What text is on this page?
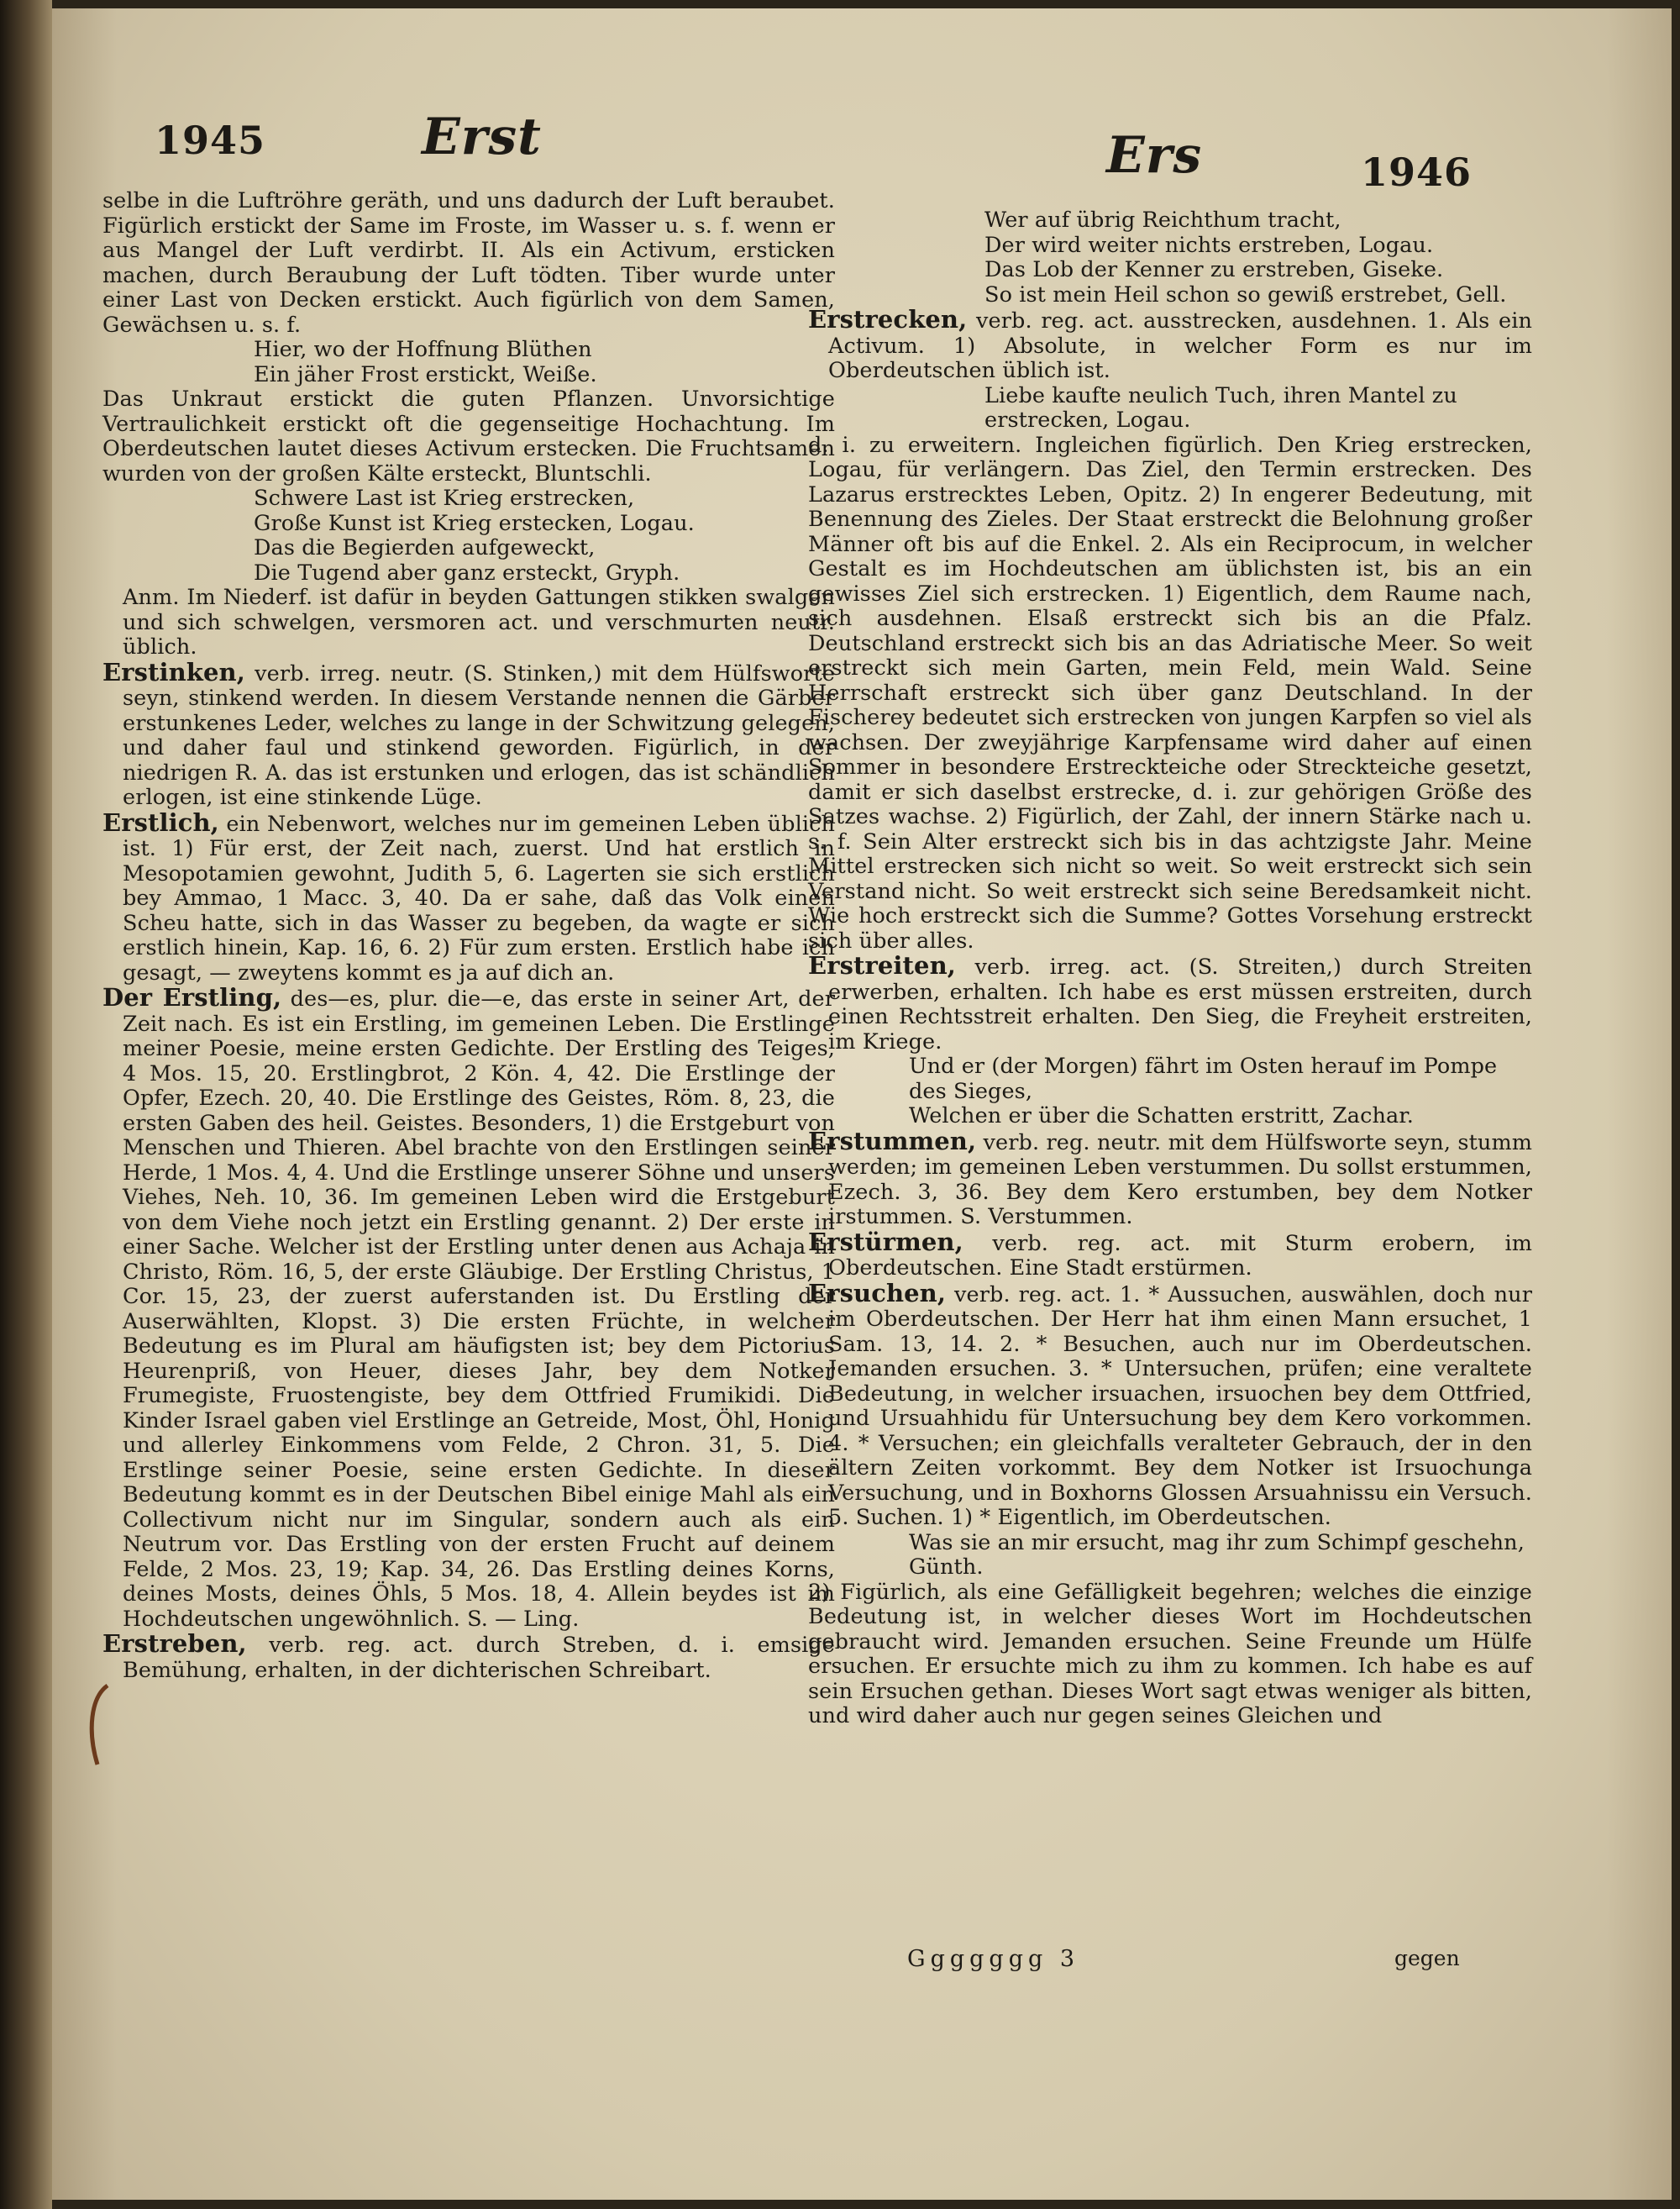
1945	Erst	Ers	1946
selbe in die Luftröhre geräth, und uns dadurch der Luft beraubet. Figürlich erstickt der Same im Froste, im Wasser u. s. f. wenn er aus Mangel der Luft verdirbt. II. Als ein Activum, ersticken machen, durch Beraubung der Luft tödten. Tiber wurde unter einer Last von Decken erstickt. Auch figürlich von dem Samen, Gewächsen u. s. f.
Hier, wo der Hoffnung Blüthen
Ein jäher Frost erstickt, Weiße.
Das Unkraut erstickt die guten Pflanzen. Unvorsichtige Vertraulichkeit erstickt oft die gegenseitige Hochachtung. Im Oberdeutschen lautet dieses Activum erstecken. Die Fruchtsamen wurden von der großen Kälte ersteckt, Bluntschli.
Schwere Last ist Krieg erstrecken,
Große Kunst ist Krieg erstecken, Logau.
Das die Begierden aufgeweckt,
Die Tugend aber ganz ersteckt, Gryph.
Anm. Im Niederf. ist dafür in beyden Gattungen stikken swalgen und sich schwelgen, versmoren act. und verschmurten neutr. üblich.
Erstinken, verb. irreg. neutr. (S. Stinken,) mit dem Hülfsworte seyn, stinkend werden. In diesem Verstande nennen die Gärber erstunkenes Leder, welches zu lange in der Schwitzung gelegen, und daher faul und stinkend geworden. Figürlich, in der niedrigen R. A. das ist erstunken und erlogen, das ist schändlich erlogen, ist eine stinkende Lüge.
Erstlich, ein Nebenwort, welches nur im gemeinen Leben üblich ist. 1) Für erst, der Zeit nach, zuerst. Und hat erstlich in Mesopotamien gewohnt, Judith 5, 6. Lagerten sie sich erstlich bey Ammao, 1 Macc. 3, 40. Da er sahe, daß das Volk einen Scheu hatte, sich in das Wasser zu begeben, da wagte er sich erstlich hinein, Kap. 16, 6. 2) Für zum ersten. Erstlich habe ich gesagt, — zweytens kommt es ja auf dich an.
Der Erstling, des—es, plur. die—e, das erste in seiner Art, der Zeit nach. Es ist ein Erstling, im gemeinen Leben. Die Erstlinge meiner Poesie, meine ersten Gedichte. Der Erstling des Teiges, 4 Mos. 15, 20. Erstlingbrot, 2 Kön. 4, 42. Die Erstlinge der Opfer, Ezech. 20, 40. Die Erstlinge des Geistes, Röm. 8, 23, die ersten Gaben des heil. Geistes. Besonders, 1) die Erstgeburt von Menschen und Thieren. Abel brachte von den Erstlingen seiner Herde, 1 Mos. 4, 4. Und die Erstlinge unserer Söhne und unsers Viehes, Neh. 10, 36. Im gemeinen Leben wird die Erstgeburt von dem Viehe noch jetzt ein Erstling genannt. 2) Der erste in einer Sache. Welcher ist der Erstling unter denen aus Achaja in Christo, Röm. 16, 5, der erste Gläubige. Der Erstling Christus, 1 Cor. 15, 23, der zuerst auferstanden ist. Du Erstling der Auserwählten, Klopst. 3) Die ersten Früchte, in welcher Bedeutung es im Plural am häufigsten ist; bey dem Pictorius Heurenpriß, von Heuer, dieses Jahr, bey dem Notker Frumegiste, Fruostengiste, bey dem Ottfried Frumikidi. Die Kinder Israel gaben viel Erstlinge an Getreide, Most, Öhl, Honig und allerley Einkommens vom Felde, 2 Chron. 31, 5. Die Erstlinge seiner Poesie, seine ersten Gedichte. In dieser Bedeutung kommt es in der Deutschen Bibel einige Mahl als ein Collectivum nicht nur im Singular, sondern auch als ein Neutrum vor. Das Erstling von der ersten Frucht auf deinem Felde, 2 Mos. 23, 19; Kap. 34, 26. Das Erstling deines Korns, deines Mosts, deines Öhls, 5 Mos. 18, 4. Allein beydes ist im Hochdeutschen ungewöhnlich. S. — Ling.
Erstreben, verb. reg. act. durch Streben, d. i. emsige Bemühung, erhalten, in der dichterischen Schreibart.
Wer auf übrig Reichthum tracht,
Der wird weiter nichts erstreben, Logau.
Das Lob der Kenner zu erstreben, Giseke.
So ist mein Heil schon so gewiß erstrebet, Gell.
Erstrecken, verb. reg. act. ausstrecken, ausdehnen. 1. Als ein Activum. 1) Absolute, in welcher Form es nur im Oberdeutschen üblich ist.
Liebe kaufte neulich Tuch, ihren Mantel zu erstrecken, Logau.
d. i. zu erweitern. Ingleichen figürlich. Den Krieg erstrecken, Logau, für verlängern. Das Ziel, den Termin erstrecken. Des Lazarus erstrecktes Leben, Opitz. 2) In engerer Bedeutung, mit Benennung des Zieles. Der Staat erstreckt die Belohnung großer Männer oft bis auf die Enkel. 2. Als ein Reciprocum, in welcher Gestalt es im Hochdeutschen am üblichsten ist, bis an ein gewisses Ziel sich erstrecken. 1) Eigentlich, dem Raume nach, sich ausdehnen. Elsaß erstreckt sich bis an die Pfalz. Deutschland erstreckt sich bis an das Adriatische Meer. So weit erstreckt sich mein Garten, mein Feld, mein Wald. Seine Herrschaft erstreckt sich über ganz Deutschland. In der Fischerey bedeutet sich erstrecken von jungen Karpfen so viel als wachsen. Der zweyjährige Karpfensame wird daher auf einen Sommer in besondere Erstreckteiche oder Streckteiche gesetzt, damit er sich daselbst erstrecke, d. i. zur gehörigen Größe des Satzes wachse. 2) Figürlich, der Zahl, der innern Stärke nach u. s. f. Sein Alter erstreckt sich bis in das achtzigste Jahr. Meine Mittel erstrecken sich nicht so weit. So weit erstreckt sich sein Verstand nicht. So weit erstreckt sich seine Beredsamkeit nicht. Wie hoch erstreckt sich die Summe? Gottes Vorsehung erstreckt sich über alles.
Erstreiten, verb. irreg. act. (S. Streiten,) durch Streiten erwerben, erhalten. Ich habe es erst müssen erstreiten, durch einen Rechtsstreit erhalten. Den Sieg, die Freyheit erstreiten, im Kriege.
Und er (der Morgen) fährt im Osten herauf im Pompe des Sieges,
Welchen er über die Schatten erstritt, Zachar.
Erstummen, verb. reg. neutr. mit dem Hülfsworte seyn, stumm werden; im gemeinen Leben verstummen. Du sollst erstummen, Ezech. 3, 36. Bey dem Kero erstumben, bey dem Notker irstummen. S. Verstummen.
Erstürmen, verb. reg. act. mit Sturm erobern, im Oberdeutschen. Eine Stadt erstürmen.
Ersuchen, verb. reg. act. 1. * Aussuchen, auswählen, doch nur im Oberdeutschen. Der Herr hat ihm einen Mann ersuchet, 1 Sam. 13, 14. 2. * Besuchen, auch nur im Oberdeutschen. Jemanden ersuchen. 3. * Untersuchen, prüfen; eine veraltete Bedeutung, in welcher irsuachen, irsuochen bey dem Ottfried, und Ursuahhidu für Untersuchung bey dem Kero vorkommen. 4. * Versuchen; ein gleichfalls veralteter Gebrauch, der in den ältern Zeiten vorkommt. Bey dem Notker ist Irsuochunga Versuchung, und in Boxhorns Glossen Arsuahnissu ein Versuch. 5. Suchen. 1) * Eigentlich, im Oberdeutschen.
Was sie an mir ersucht, mag ihr zum Schimpf geschehn, Günth.
2) Figürlich, als eine Gefälligkeit begehren; welches die einzige Bedeutung ist, in welcher dieses Wort im Hochdeutschen gebraucht wird. Jemanden ersuchen. Seine Freunde um Hülfe ersuchen. Er ersuchte mich zu ihm zu kommen. Ich habe es auf sein Ersuchen gethan. Dieses Wort sagt etwas weniger als bitten, und wird daher auch nur gegen seines Gleichen und
Ggggggg 3	gegen
